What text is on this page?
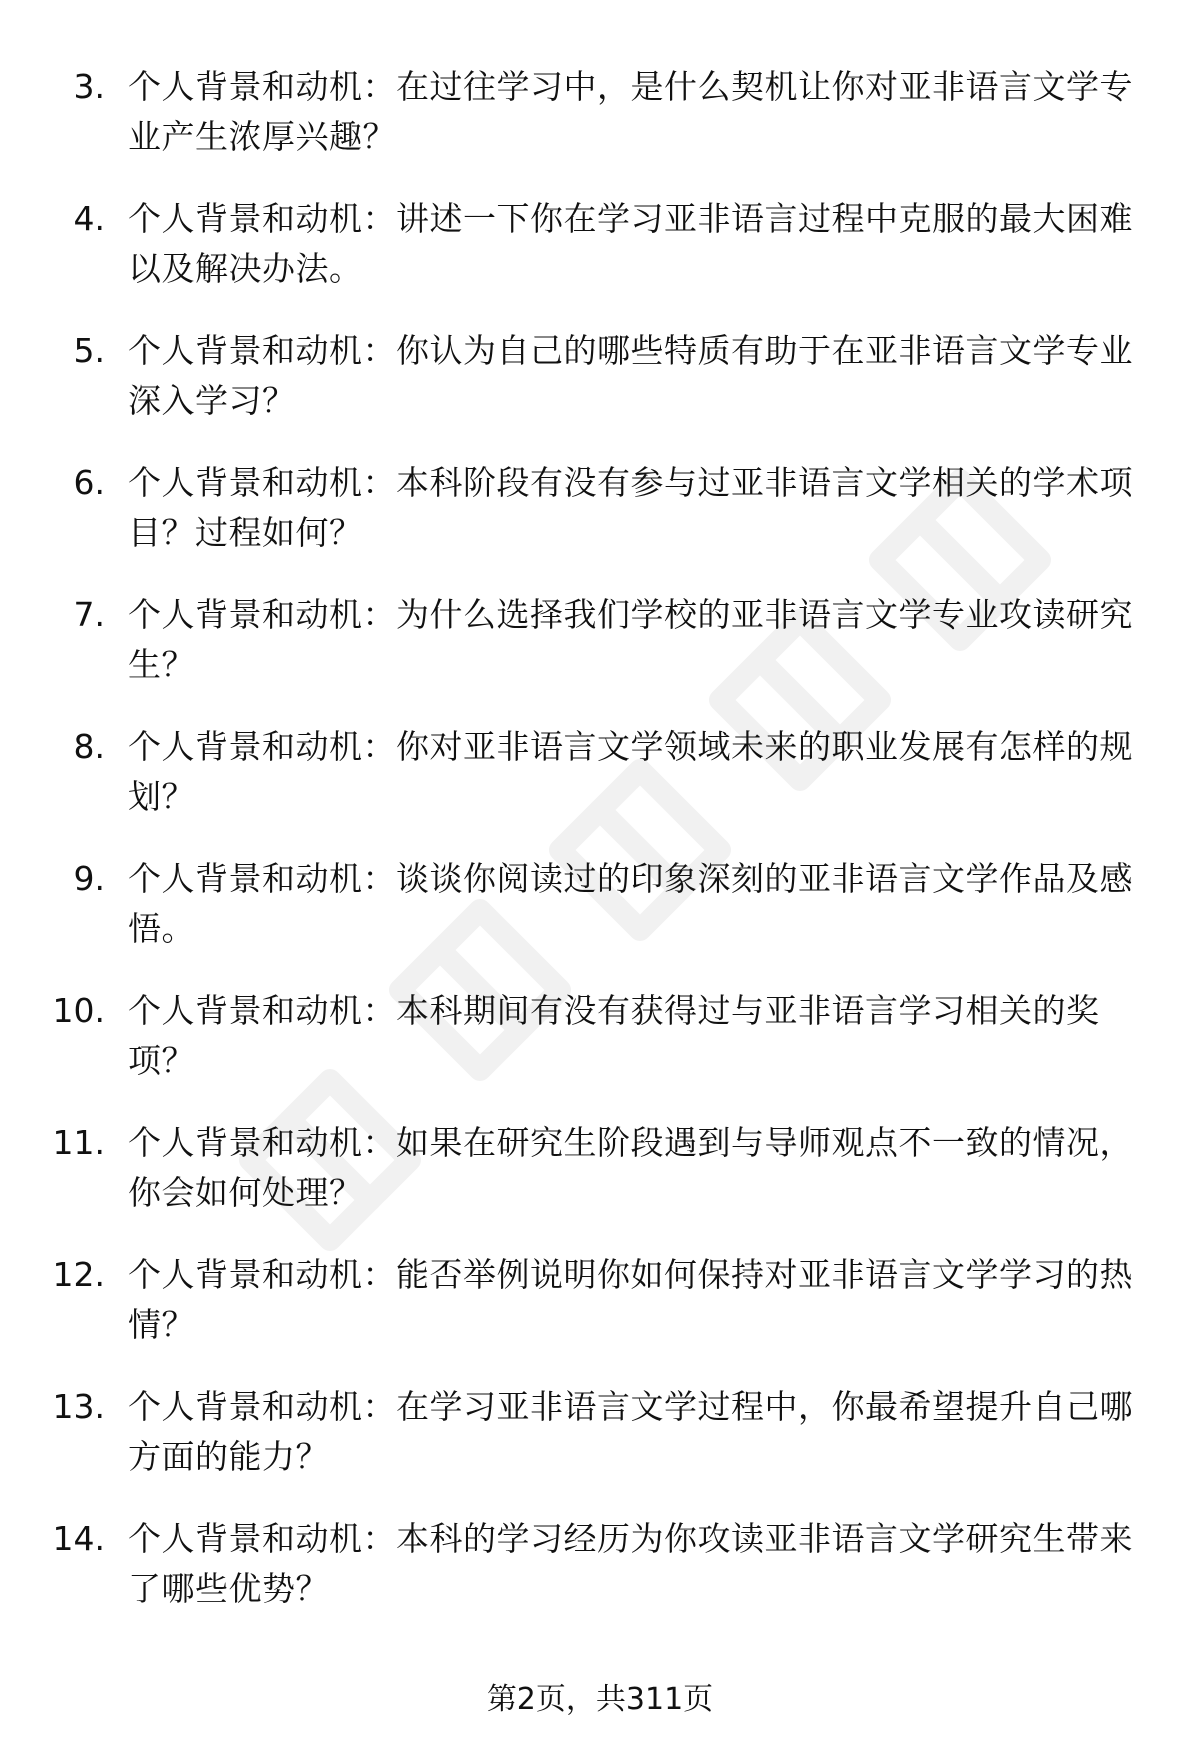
3. 个人背景和动机：在过往学习中，是什么契机让你对亚非语言文学专业产生浓厚兴趣？
4. 个人背景和动机：讲述一下你在学习亚非语言过程中克服的最大困难以及解决办法。
5. 个人背景和动机：你认为自己的哪些特质有助于在亚非语言文学专业深入学习？
6. 个人背景和动机：本科阶段有没有参与过亚非语言文学相关的学术项目？过程如何？
7. 个人背景和动机：为什么选择我们学校的亚非语言文学专业攻读研究生？
8. 个人背景和动机：你对亚非语言文学领域未来的职业发展有怎样的规划？
9. 个人背景和动机：谈谈你阅读过的印象深刻的亚非语言文学作品及感悟。
10. 个人背景和动机：本科期间有没有获得过与亚非语言学习相关的奖项？
11. 个人背景和动机：如果在研究生阶段遇到与导师观点不一致的情况，你会如何处理？
12. 个人背景和动机：能否举例说明你如何保持对亚非语言文学学习的热情？
13. 个人背景和动机：在学习亚非语言文学过程中，你最希望提升自己哪方面的能力？
14. 个人背景和动机：本科的学习经历为你攻读亚非语言文学研究生带来了哪些优势？
第2页，共311页
